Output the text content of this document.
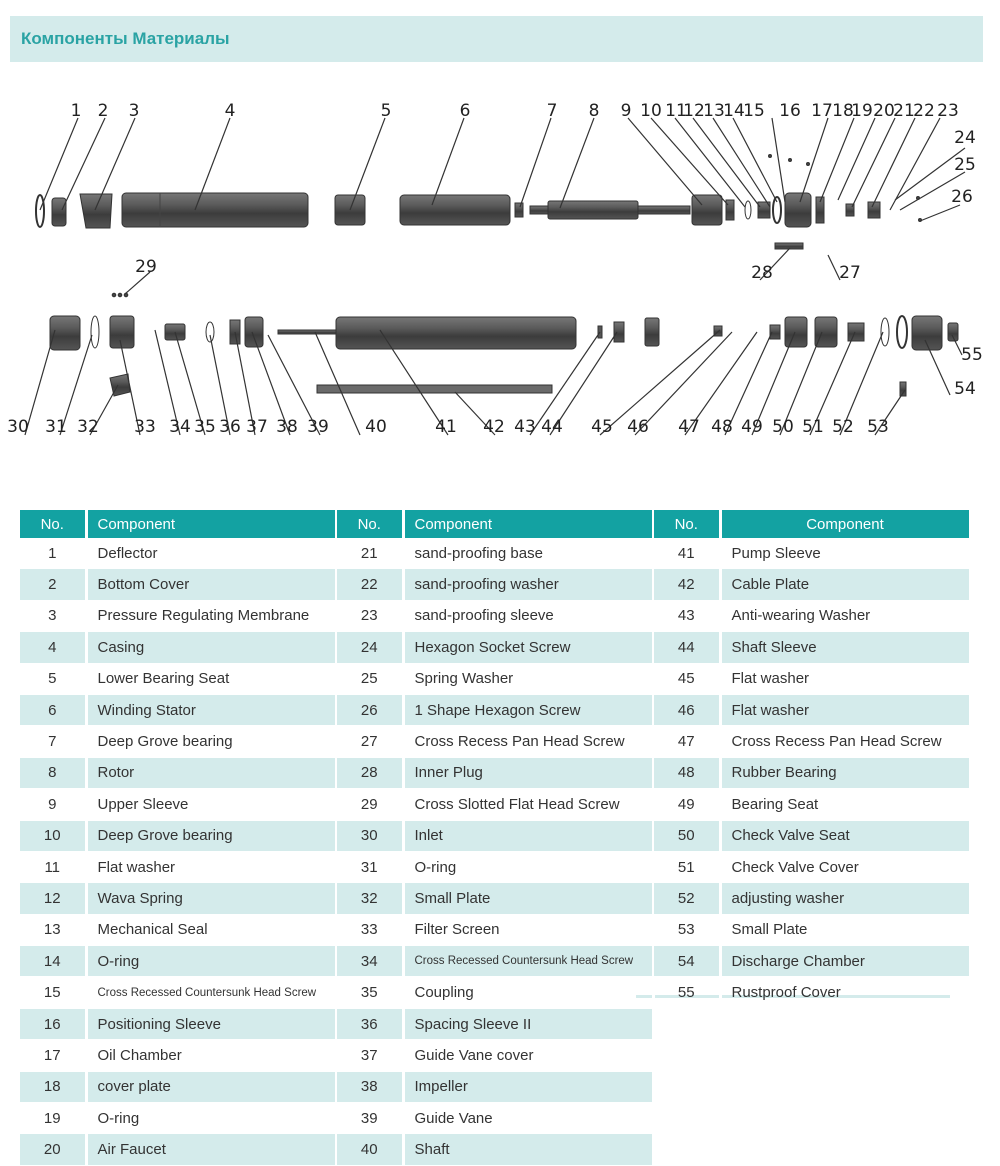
Компоненты Материалы
1 2 3	4	5	6	7 8 9 10 11
12
13
14
15 16 17 18
19 20
21
22 23
24
25
26
27
28
29
30 31 32 33 34 35 36 37 38 39 40	41 42 43 44 45 46 47 48 49 50 51 52 53
54
55
No.	Component
1	Deflector
2	Bottom Cover
3	Pressure Regulating Membrane
4	Casing
5	Lower Bearing Seat
6	Winding Stator
7	Deep Grove bearing
8	Rotor
9	Upper Sleeve
10	Deep Grove bearing
11	Flat washer
12	Wava Spring
13	Mechanical Seal
14	O-ring
15	Cross Recessed Countersunk Head Screw
16	Positioning Sleeve
17	Oil Chamber
18	cover plate
19	O-ring
20	Air Faucet
No.	Component
21	sand-proofing base
22	sand-proofing washer
23	sand-proofing sleeve
24	Hexagon Socket Screw
25	Spring Washer
26	1 Shape Hexagon Screw
27	Cross Recess Pan Head Screw
28	Inner Plug
29	Cross Slotted Flat Head Screw
30	Inlet
31	O-ring
32	Small Plate
33	Filter Screen
34	Cross Recessed Countersunk Head Screw
35	Coupling
36	Spacing Sleeve II
37	Guide Vane cover
38	Impeller
39	Guide Vane
40	Shaft
No.	Component
41	Pump Sleeve
42	Cable Plate
43	Anti-wearing Washer
44	Shaft Sleeve
45	Flat washer
46	Flat washer
47	Cross Recess Pan Head Screw
48	Rubber Bearing
49	Bearing Seat
50	Check Valve Seat
51	Check Valve Cover
52	adjusting washer
53	Small Plate
54	Discharge Chamber
55	Rustproof Cover
